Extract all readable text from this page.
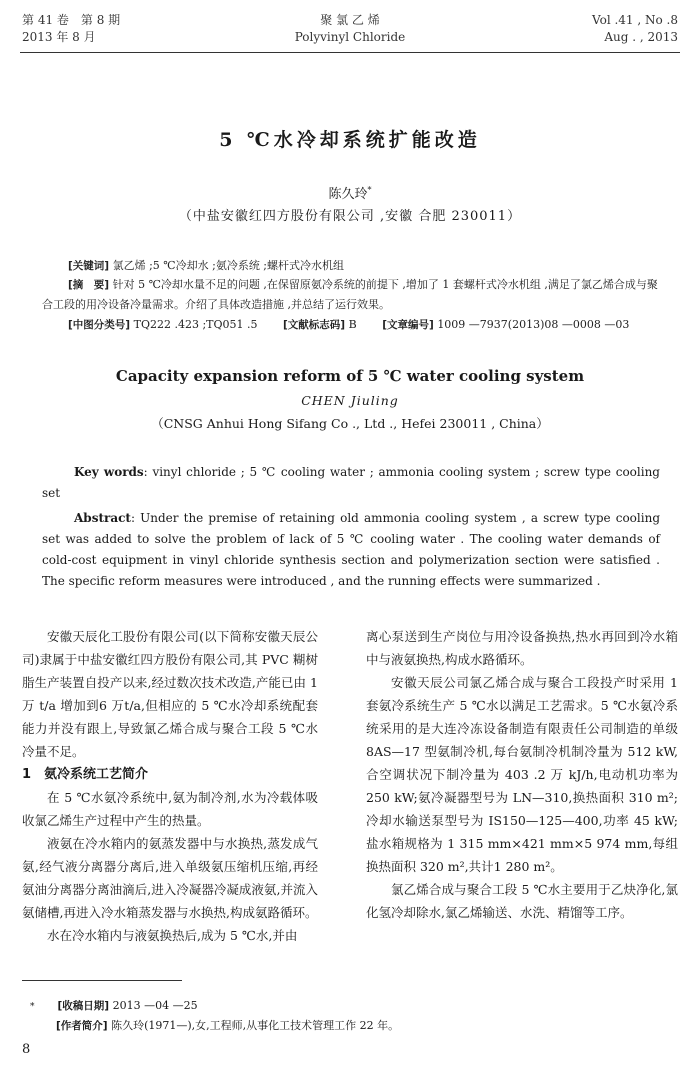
第 41 卷　第 8 期
2013 年 8 月
聚 氯 乙 烯
Polyvinyl Chloride
Vol .41 , No .8
Aug . , 2013
5 ℃水冷却系统扩能改造
陈久玲*
（中盐安徽红四方股份有限公司 ,安徽 合肥 230011）
[关键词] 氯乙烯 ;5 ℃冷却水 ;氨冷系统 ;螺杆式冷水机组
[摘　要] 针对 5 ℃冷却水量不足的问题 ,在保留原氨冷系统的前提下 ,增加了 1 套螺杆式冷水机组 ,满足了氯乙烯合成与聚合工段的用冷设备冷量需求。介绍了具体改造措施 ,并总结了运行效果。
[中图分类号] TQ222 .423 ;TQ051 .5 [文献标志码] B [文章编号] 1009 —7937(2013)08 —0008 —03
Capacity expansion reform of 5 ℃ water cooling system
CHEN Jiuling
（CNSG Anhui Hong Sifang Co ., Ltd ., Hefei 230011 , China）
Key words: vinyl chloride ; 5 ℃ cooling water ; ammonia cooling system ; screw type cooling set
Abstract: Under the premise of retaining old ammonia cooling system , a screw type cooling set was added to solve the problem of lack of 5 ℃ cooling water . The cooling water demands of cold-cost equipment in vinyl chloride synthesis section and polymerization section were satisfied . The specific reform measures were introduced , and the running effects were summarized .

安徽天辰化工股份有限公司(以下简称安徽天辰公司)隶属于中盐安徽红四方股份有限公司,其 PVC 糊树脂生产装置自投产以来,经过数次技术改造,产能已由 1 万 t/a 增加到6 万t/a,但相应的 5 ℃水冷却系统配套能力并没有跟上,导致氯乙烯合成与聚合工段 5 ℃水冷量不足。

1 氨冷系统工艺简介

在 5 ℃水氨冷系统中,氨为制冷剂,水为冷载体吸收氯乙烯生产过程中产生的热量。

液氨在冷水箱内的氨蒸发器中与水换热,蒸发成气氨,经气液分离器分离后,进入单级氨压缩机压缩,再经氨油分离器分离油滴后,进入冷凝器冷凝成液氨,并流入氨储槽,再进入冷水箱蒸发器与水换热,构成氨路循环。

水在冷水箱内与液氨换热后,成为 5 ℃水,并由

离心泵送到生产岗位与用冷设备换热,热水再回到冷水箱中与液氨换热,构成水路循环。

安徽天辰公司氯乙烯合成与聚合工段投产时采用 1 套氨冷系统生产 5 ℃水以满足工艺需求。5 ℃水氨冷系统采用的是大连冷冻设备制造有限责任公司制造的单级 8AS—17 型氨制冷机,每台氨制冷机制冷量为 512 kW,合空调状况下制冷量为 403 .2 万 kJ/h,电动机功率为 250 kW;氨冷凝器型号为 LN—310,换热面积 310 m²;冷却水输送泵型号为 IS150—125—400,功率 45 kW;盐水箱规格为 1 315 mm×421 mm×5 974 mm,每组换热面积 320 m²,共计1 280 m²。

氯乙烯合成与聚合工段 5 ℃水主要用于乙炔净化,氯化氢冷却除水,氯乙烯输送、水洗、精馏等工序。

* [收稿日期] 2013 —04 —25
[作者简介] 陈久玲(1971—),女,工程师,从事化工技术管理工作 22 年。
8
